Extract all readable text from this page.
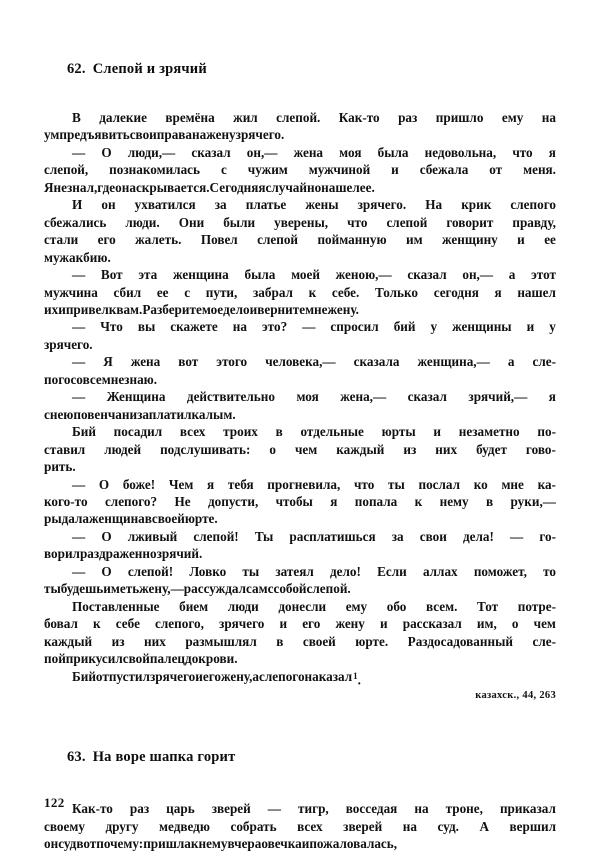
62. Слепой и зрячий

В далекие времёна жил слепой. Как-то раз пришло ему на
ум предъявить свои права на жену зрячего.
— О люди,— сказал он,— жена моя была недовольна, что я
слепой, познакомилась с чужим мужчиной и сбежала от меня.
Я не знал, где она скрывается. Сегодня я случайно нашел ее.
И он ухватился за платье жены зрячего. На крик слепого
сбежались люди. Они были уверены, что слепой говорит правду,
стали его жалеть. Повел слепой пойманную им женщину и ее
мужа к бию.
— Вот эта женщина была моей женою,— сказал он,— а этот
мужчина сбил ее с пути, забрал к себе. Только сегодня я нашел
их и привел к вам. Разберите мое дело и верните мне жену.
— Что вы скажете на это? — спросил бий у женщины и у
зрячего.
— Я жена вот этого человека,— сказала женщина,— а сле-
пого совсем не знаю.
— Женщина действительно моя жена,— сказал зрячий,— я
с нею повенчан и заплатил калым.
Бий посадил всех троих в отдельные юрты и незаметно по-
ставил людей подслушивать: о чем каждый из них будет гово-
рить.
— О боже! Чем я тебя прогневила, что ты послал ко мне ка-
кого-то слепого? Не допусти, чтобы я попала к нему в руки,—
рыдала женщина в своей юрте.
— О лживый слепой! Ты расплатишься за свои дела! — го-
ворил раздраженно зрячий.
— О слепой! Ловко ты затеял дело! Если аллах поможет, то
ты будешь иметь жену,— рассуждал сам с собой слепой.
Поставленные бием люди донесли ему обо всем. Тот потре-
бовал к себе слепого, зрячего и его жену и рассказал им, о чем
каждый из них размышлял в своей юрте. Раздосадованный сле-
пой прикусил свой палец до крови.
Бий отпустил зрячего и его жену, а слепого наказал $^1$.
казахск., 44, 263

63. На воре шапка горит

Как-то раз царь зверей — тигр, восседая на троне, приказал
своему другу медведю собрать всех зверей на суд. А вершил
он суд вот почему: пришла к нему вчера овечка и пожаловалась,
122
